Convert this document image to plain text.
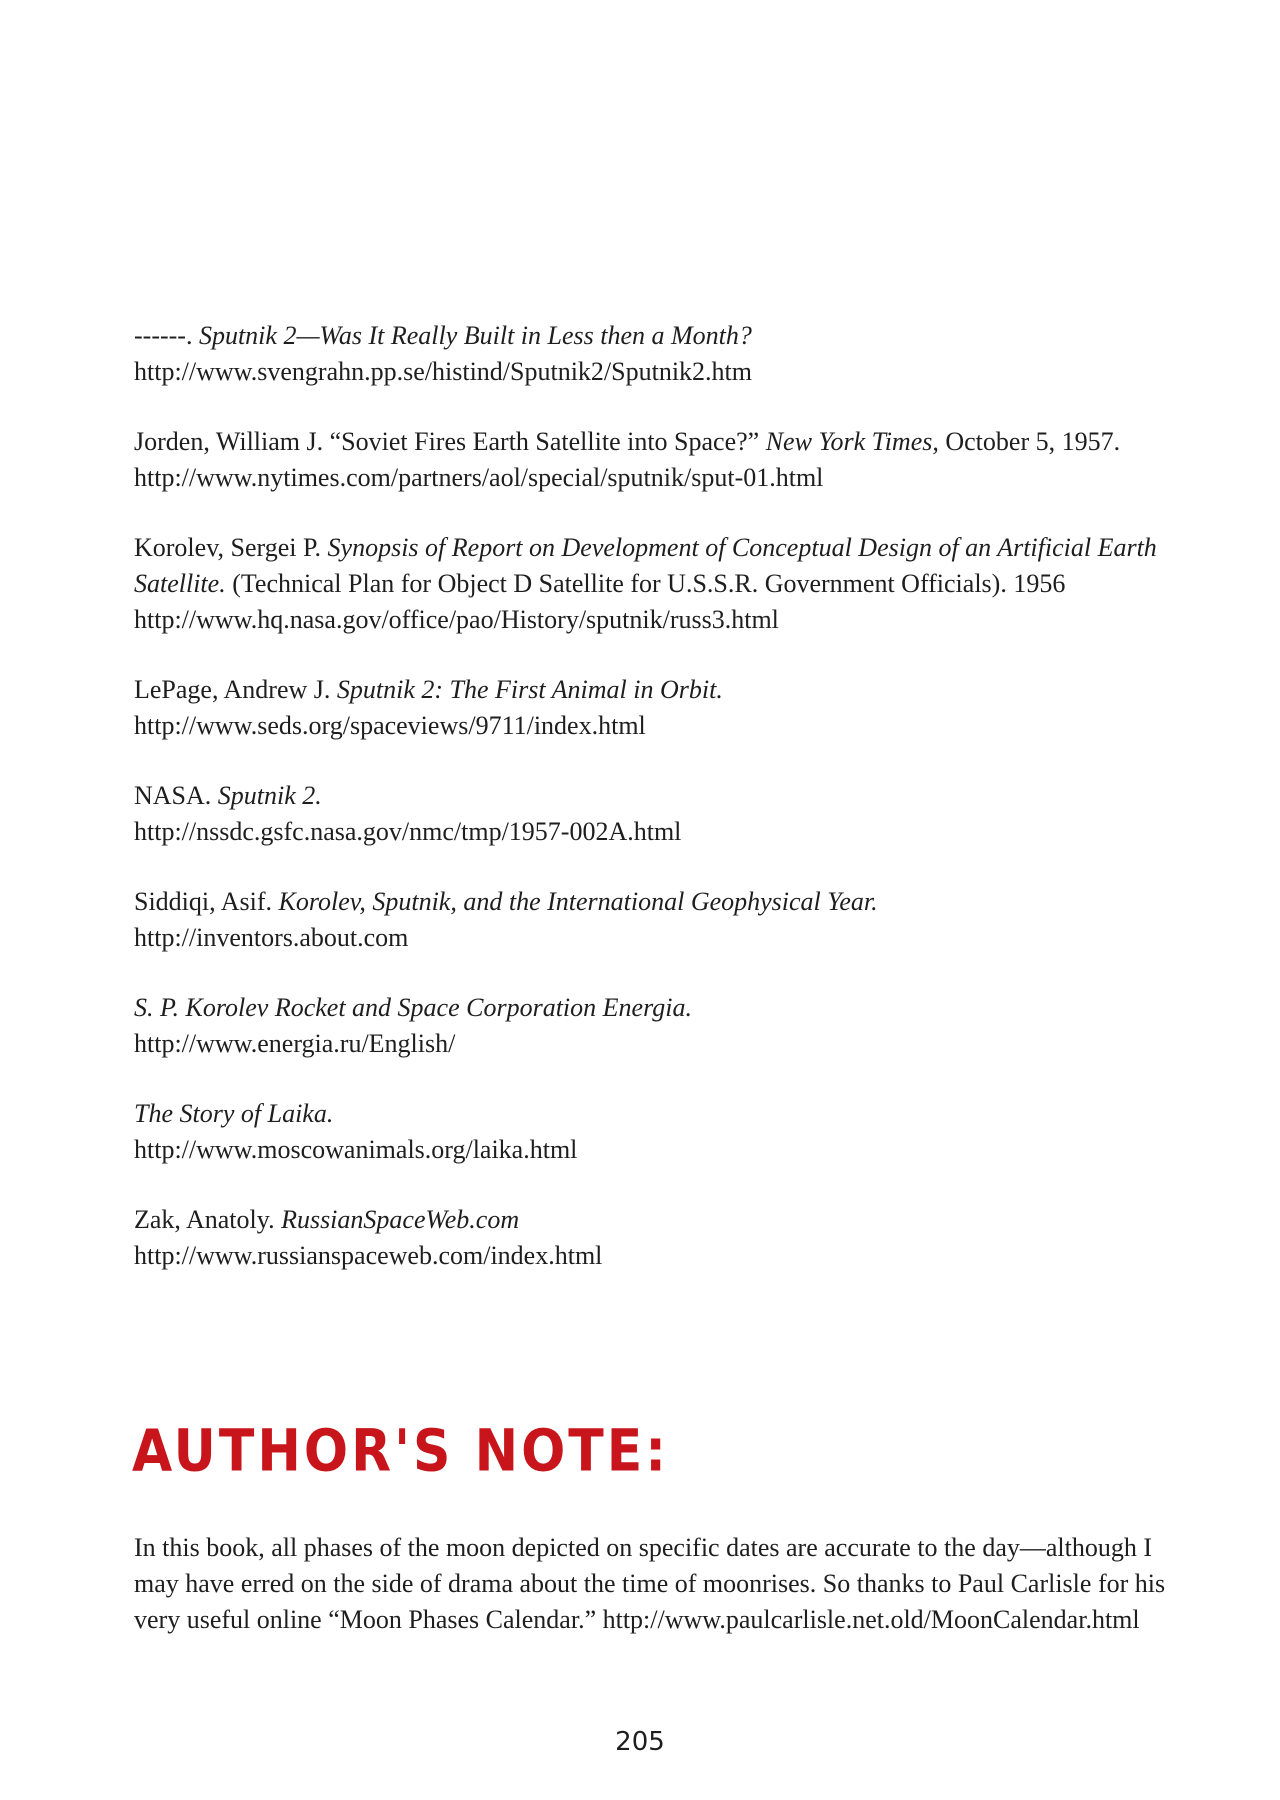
------. Sputnik 2—Was It Really Built in Less then a Month?
http://www.svengrahn.pp.se/histind/Sputnik2/Sputnik2.htm
Jorden, William J. “Soviet Fires Earth Satellite into Space?” New York Times, October 5, 1957.
http://www.nytimes.com/partners/aol/special/sputnik/sput-01.html
Korolev, Sergei P. Synopsis of Report on Development of Conceptual Design of an Artificial Earth Satellite. (Technical Plan for Object D Satellite for U.S.S.R. Government Officials). 1956
http://www.hq.nasa.gov/office/pao/History/sputnik/russ3.html
LePage, Andrew J. Sputnik 2: The First Animal in Orbit.
http://www.seds.org/spaceviews/9711/index.html
NASA. Sputnik 2.
http://nssdc.gsfc.nasa.gov/nmc/tmp/1957-002A.html
Siddiqi, Asif. Korolev, Sputnik, and the International Geophysical Year.
http://inventors.about.com
S. P. Korolev Rocket and Space Corporation Energia.
http://www.energia.ru/English/
The Story of Laika.
http://www.moscowanimals.org/laika.html
Zak, Anatoly. RussianSpaceWeb.com
http://www.russianspaceweb.com/index.html
AUTHOR'S NOTE:

In this book, all phases of the moon depicted on specific dates are accurate to the day—although I may have erred on the side of drama about the time of moonrises. So thanks to Paul Carlisle for his very useful online “Moon Phases Calendar.” http://www.paulcarlisle.net.old/MoonCalendar.html

205
